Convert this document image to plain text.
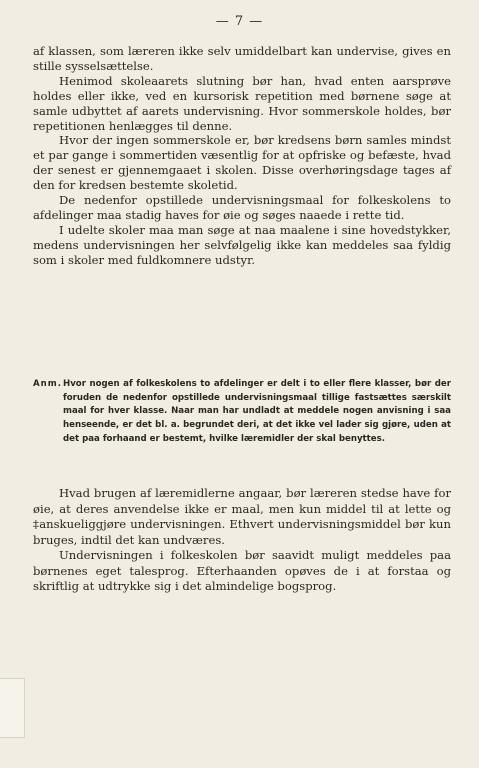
— 7 —

af klassen, som læreren ikke selv umiddelbart kan undervise, gives en stille sysselsættelse.

Henimod skoleaarets slutning bør han, hvad enten aarsprøve holdes eller ikke, ved en kursorisk repetition med børnene søge at samle udbyttet af aarets undervisning. Hvor sommerskole holdes, bør repetitionen henlægges til denne.

Hvor der ingen sommerskole er, bør kredsens børn samles mindst et par gange i sommertiden væsentlig for at opfriske og befæste, hvad der senest er gjennemgaaet i skolen. Disse overhøringsdage tages af den for kredsen bestemte skoletid.

De nedenfor opstillede undervisningsmaal for folkeskolens to afdelinger maa stadig haves for øie og søges naaede i rette tid.

I udelte skoler maa man søge at naa maalene i sine hovedstykker, medens undervisningen her selvfølgelig ikke kan meddeles saa fyldig som i skoler med fuldkomnere udstyr.

Anm. Hvor nogen af folkeskolens to afdelinger er delt i to eller flere klasser, bør der foruden de nedenfor opstillede undervisningsmaal tillige fastsættes særskilt maal for hver klasse. Naar man har undladt at meddele nogen anvisning i saa henseende, er det bl. a. begrundet deri, at det ikke vel lader sig gjøre, uden at det paa forhaand er bestemt, hvilke læremidler der skal benyttes.

Hvad brugen af læremidlerne angaar, bør læreren stedse have for øie, at deres anvendelse ikke er maal, men kun middel til at lette og ‡anskueliggjøre undervisningen. Ethvert undervisningsmiddel bør kun bruges, indtil det kan undværes.

Undervisningen i folkeskolen bør saavidt muligt meddeles paa børnenes eget talesprog. Efterhaanden opøves de i at forstaa og skriftlig at udtrykke sig i det almindelige bogsprog.
